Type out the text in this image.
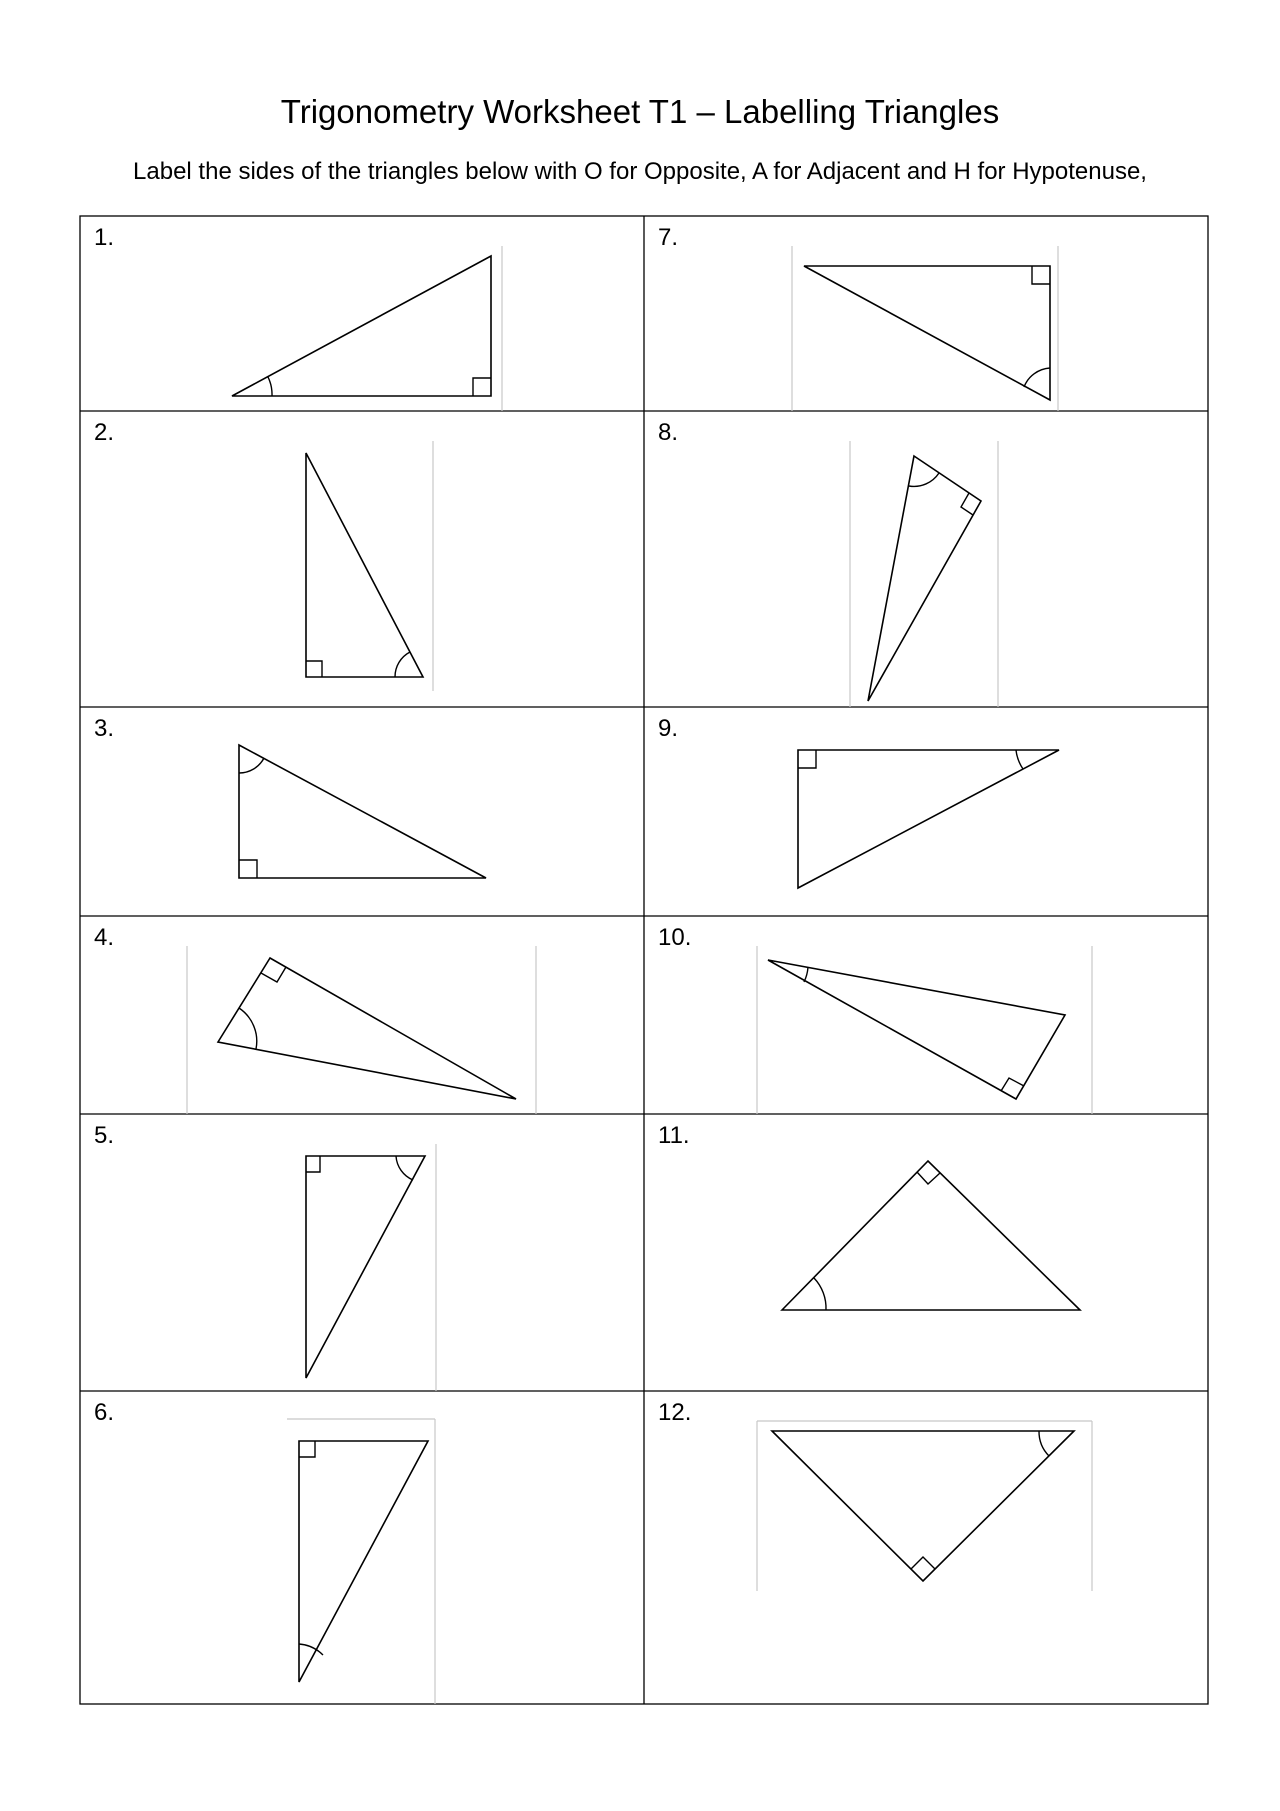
Trigonometry Worksheet T1 – Labelling Triangles

Label the sides of the triangles below with O for Opposite, A for Adjacent and H for Hypotenuse,

1.
2.
3.
4.
5.
6.
7.
8.
9.
10.
11.
12.
